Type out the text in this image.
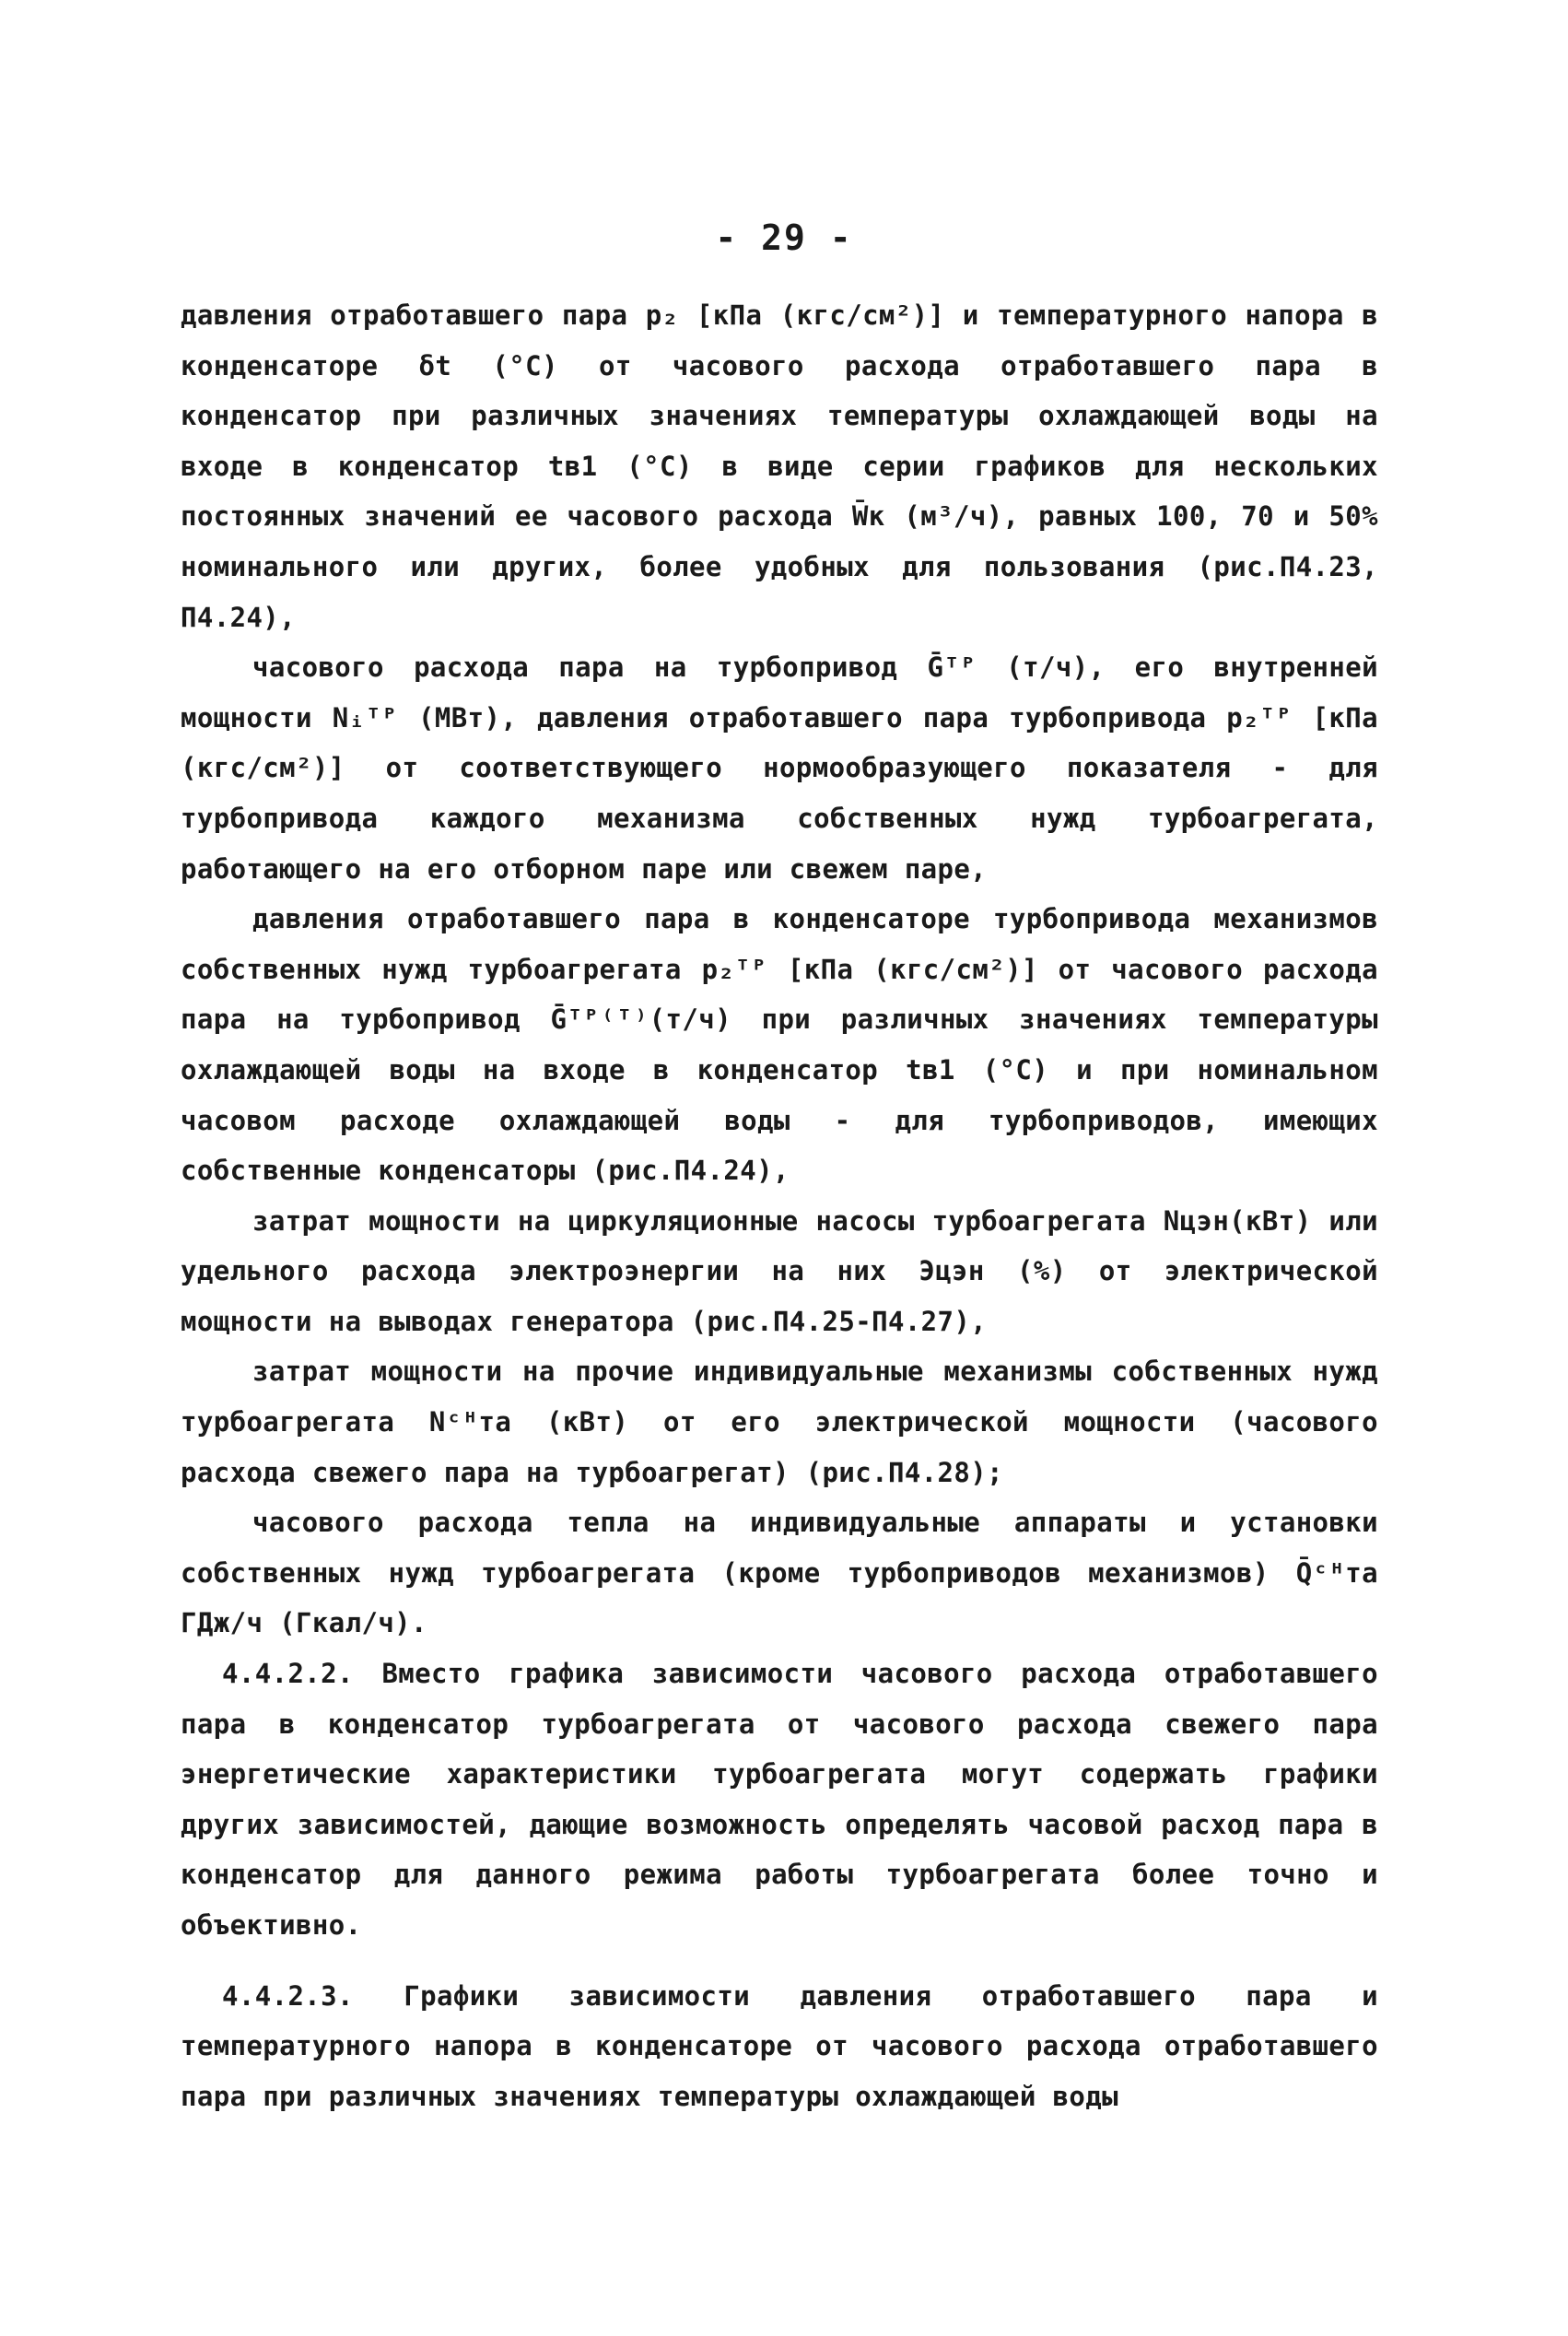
- 29 -

давления отработавшего пара p₂ [кПа (кгс/см²)] и температурного напора в конденсаторе δt (°С) от часового расхода отработавшего пара в конденсатор при различных значениях температуры охлаждающей воды на входе в конденсатор tв1 (°С) в виде серии графиков для нескольких постоянных значений ее часового расхода W̄к (м³/ч), равных 100, 70 и 50% номинального или других, более удобных для пользования (рис.П4.23, П4.24),

часового расхода пара на турбопривод Ḡᵀᴾ (т/ч), его внутренней мощности Nᵢᵀᴾ (МВт), давления отработавшего пара турбопривода p₂ᵀᴾ [кПа (кгс/см²)] от соответствующего нормообразующего показателя - для турбопривода каждого механизма собственных нужд турбоагрегата, работающего на его отборном паре или свежем паре,

давления отработавшего пара в конденсаторе турбопривода механизмов собственных нужд турбоагрегата p₂ᵀᴾ [кПа (кгс/см²)] от часового расхода пара на турбопривод Ḡᵀᴾ⁽ᵀ⁾(т/ч) при различных значениях температуры охлаждающей воды на входе в конденсатор tв1 (°С) и при номинальном часовом расходе охлаждающей воды - для турбоприводов, имеющих собственные конденсаторы (рис.П4.24),

затрат мощности на циркуляционные насосы турбоагрегата Nцэн(кВт) или удельного расхода электроэнергии на них Эцэн (%) от электрической мощности на выводах генератора (рис.П4.25-П4.27),

затрат мощности на прочие индивидуальные механизмы собственных нужд турбоагрегата Nᶜᴴта (кВт) от его электрической мощности (часового расхода свежего пара на турбоагрегат) (рис.П4.28);

часового расхода тепла на индивидуальные аппараты и установки собственных нужд турбоагрегата (кроме турбоприводов механизмов) Q̄ᶜᴴта ГДж/ч (Гкал/ч).

4.4.2.2. Вместо графика зависимости часового расхода отработавшего пара в конденсатор турбоагрегата от часового расхода свежего пара энергетические характеристики турбоагрегата могут содержать графики других зависимостей, дающие возможность определять часовой расход пара в конденсатор для данного режима работы турбоагрегата более точно и объективно.

4.4.2.3. Графики зависимости давления отработавшего пара и температурного напора в конденсаторе от часового расхода отработавшего пара при различных значениях температуры охлаждающей воды
